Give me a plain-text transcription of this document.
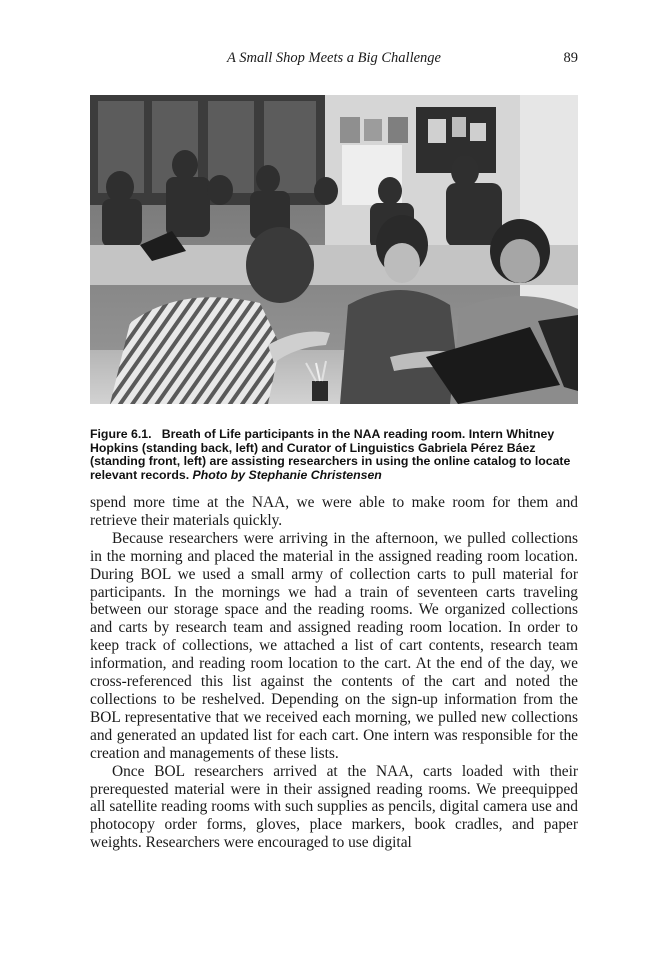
A Small Shop Meets a Big Challenge	89
Figure 6.1. Breath of Life participants in the NAA reading room. Intern Whitney Hopkins (standing back, left) and Curator of Linguistics Gabriela Pérez Báez (standing front, left) are assisting researchers in using the online catalog to locate relevant records. Photo by Stephanie Christensen

spend more time at the NAA, we were able to make room for them and retrieve their materials quickly.

Because researchers were arriving in the afternoon, we pulled collections in the morning and placed the material in the assigned reading room location. During BOL we used a small army of collection carts to pull material for participants. In the mornings we had a train of seventeen carts traveling between our storage space and the reading rooms. We organized collections and carts by research team and assigned reading room location. In order to keep track of collections, we attached a list of cart contents, research team information, and reading room location to the cart. At the end of the day, we cross-referenced this list against the contents of the cart and noted the collections to be reshelved. Depending on the sign-up information from the BOL representative that we received each morning, we pulled new collections and generated an updated list for each cart. One intern was responsible for the creation and managements of these lists.

Once BOL researchers arrived at the NAA, carts loaded with their prerequested material were in their assigned reading rooms. We preequipped all satellite reading rooms with such supplies as pencils, digital camera use and photocopy order forms, gloves, place markers, book cradles, and paper weights. Researchers were encouraged to use digital
